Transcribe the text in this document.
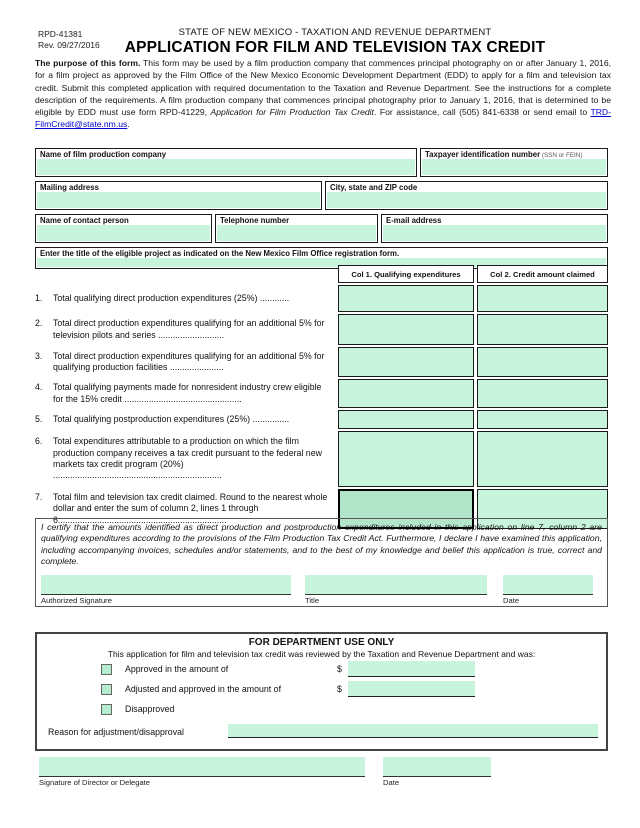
RPD-41381
Rev. 09/27/2016
STATE OF NEW MEXICO - TAXATION AND REVENUE DEPARTMENT
APPLICATION FOR FILM AND TELEVISION TAX CREDIT
The purpose of this form. This form may be used by a film production company that commences principal photography on or after January 1, 2016, for a film project as approved by the Film Office of the New Mexico Economic Development Department (EDD) to apply for a film and television tax credit. Submit this completed application with required documentation to the Taxation and Revenue Department. See the instructions for a complete description of the requirements. A film production company that commences principal photography prior to January 1, 2016, that is determined to be eligible by EDD must use form RPD-41229, Application for Film Production Tax Credit. For assistance, call (505) 841-6338 or send email to TRD-FilmCredit@state.nm.us.
Name of film production company	Taxpayer identification number (SSN or FEIN)
Mailing address	City, state and ZIP code
Name of contact person	Telephone number	E-mail address
Enter the title of the eligible project as indicated on the New Mexico Film Office registration form.
Col 1. Qualifying expenditures	Col 2. Credit amount claimed
1.	Total qualifying direct production expenditures (25%) ............
2.	Total direct production expenditures qualifying for an additional 5% for television pilots and series ...........................
3.	Total direct production expenditures qualifying for an additional 5% for qualifying production facilities ......................
4.	Total qualifying payments made for nonresident industry crew eligible for the 15% credit ................................................
5.	Total qualifying postproduction expenditures (25%) ...............
6.	Total expenditures attributable to a production on which the film production company receives a tax credit pursuant to the federal new markets tax credit program (20%) .....................................................................
7.	Total film and television tax credit claimed. Round to the nearest whole dollar and enter the sum of column 2, lines 1 through 6.....................................................................
I certify that the amounts identified as direct production and postproduction expenditures included in this application on line 7, column 2 are qualifying expenditures according to the provisions of the Film Production Tax Credit Act. Furthermore, I declare I have examined this application, including accompanying invoices, schedules and/or statements, and to the best of my knowledge and belief this application is true, correct and complete.
Authorized Signature	Title	Date
FOR DEPARTMENT USE ONLY
This application for film and television tax credit was reviewed by the Taxation and Revenue Department and was:
Approved in the amount of	$
Adjusted and approved in the amount of	$
Disapproved
Reason for adjustment/disapproval
Signature of Director or Delegate	Date
